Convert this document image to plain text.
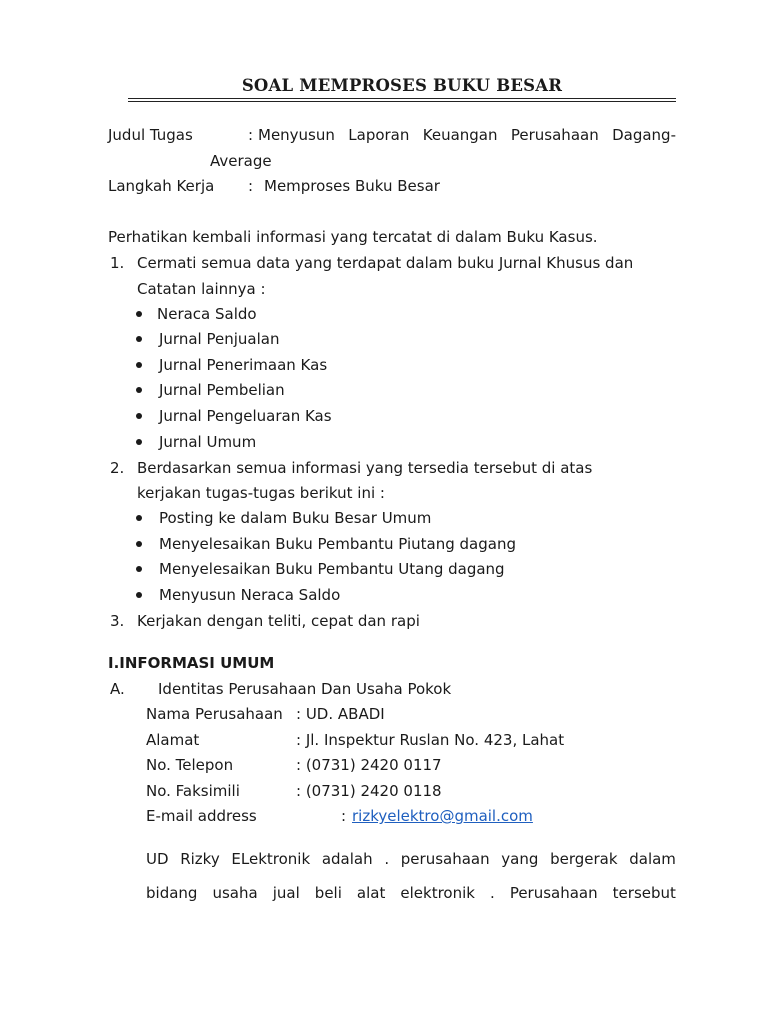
SOAL MEMPROSES BUKU BESAR
Judul Tugas	: Menyusun Laporan Keuangan Perusahaan Dagang-
Average
Langkah Kerja : Memproses Buku Besar
Perhatikan kembali informasi yang tercatat di dalam Buku Kasus.
1. Cermati semua data yang terdapat dalam buku Jurnal Khusus dan
Catatan lainnya :
Neraca Saldo
Jurnal Penjualan
Jurnal Penerimaan Kas
Jurnal Pembelian
Jurnal Pengeluaran Kas
Jurnal Umum
2. Berdasarkan semua informasi yang tersedia tersebut di atas
kerjakan tugas-tugas berikut ini :
Posting ke dalam Buku Besar Umum
Menyelesaikan Buku Pembantu Piutang dagang
Menyelesaikan Buku Pembantu Utang dagang
Menyusun Neraca Saldo
3. Kerjakan dengan teliti, cepat dan rapi
I.INFORMASI UMUM
A. Identitas Perusahaan Dan Usaha Pokok
Nama Perusahaan : UD. ABADI
Alamat	: Jl. Inspektur Ruslan No. 423, Lahat
No. Telepon	: (0731) 2420 0117
No. Faksimili	: (0731) 2420 0118
E-mail address	: rizkyelektro@gmail.com
UD Rizky ELektronik adalah . perusahaan yang bergerak dalam
bidang usaha jual beli alat elektronik . Perusahaan tersebut
